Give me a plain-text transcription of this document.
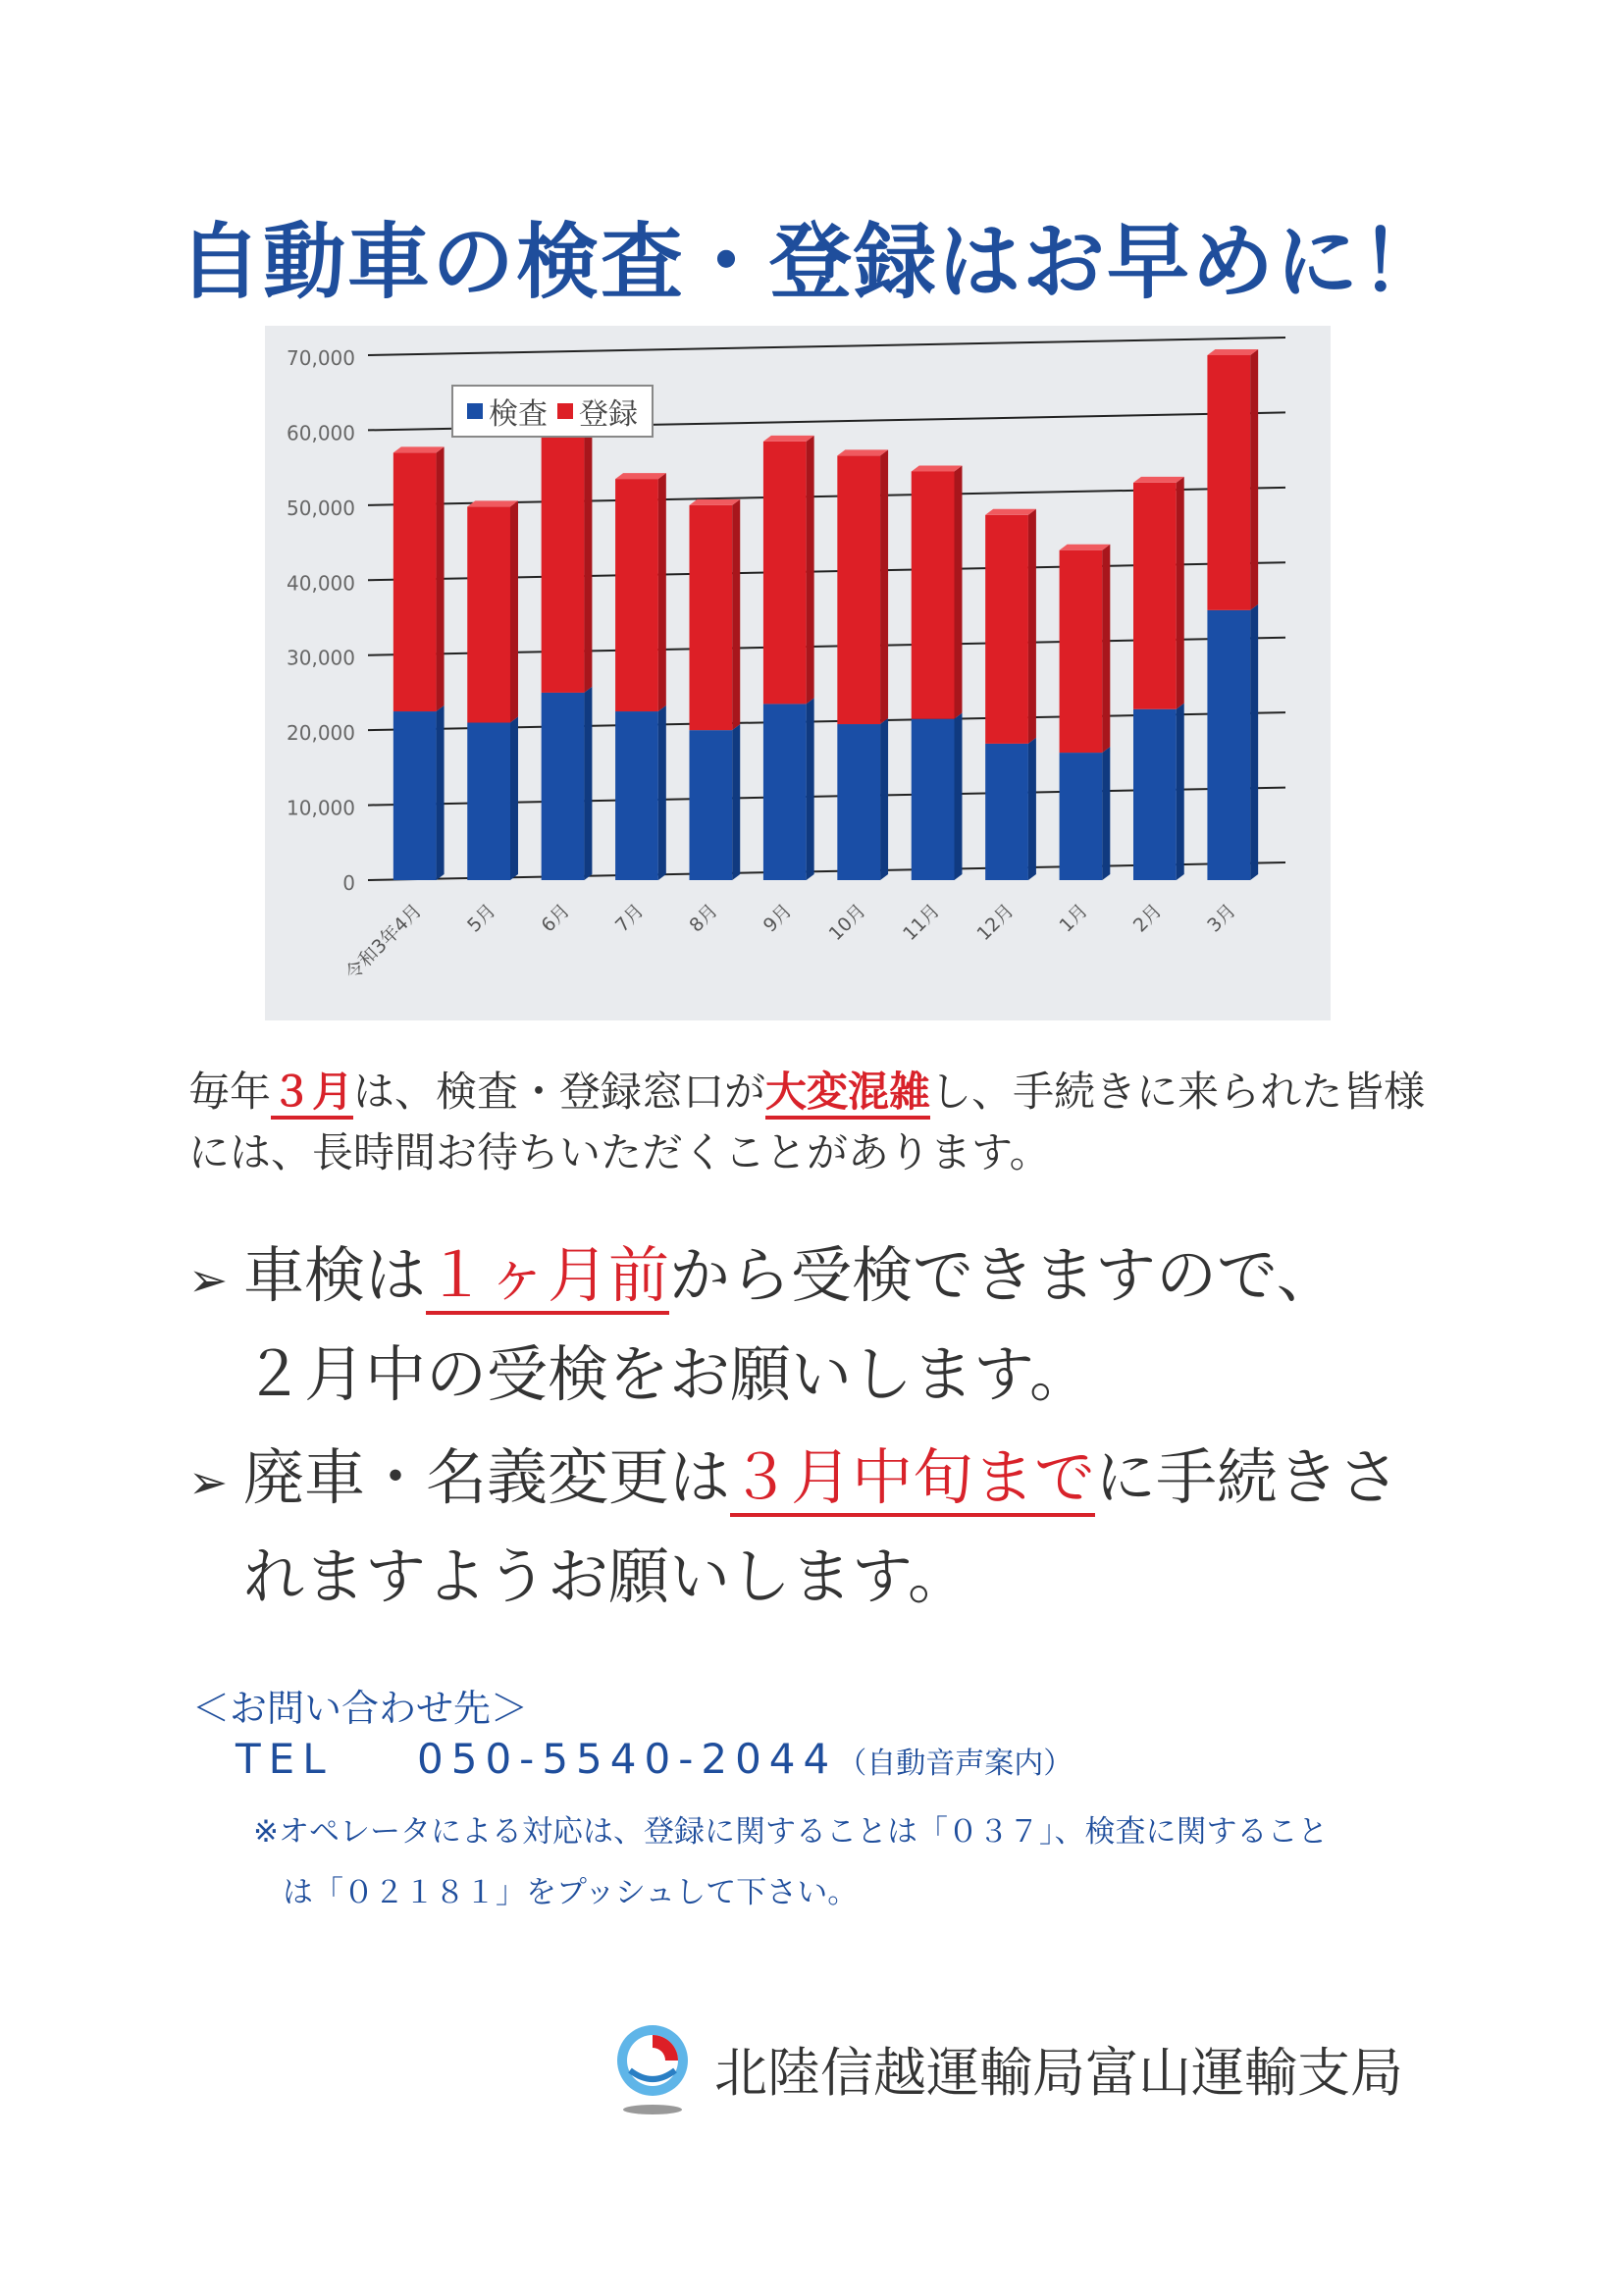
自動車の検査・登録はお早めに！
0
10,000
20,000
30,000
40,000
50,000
60,000
70,000
令和3年4月 5月 6月 7月 8月 9月 10月 11月 12月 1月 2月 3月
検査 登録
毎年３月は、検査・登録窓口が大変混雑し、手続きに来られた皆様には、長時間お待ちいただくことがあります。
➢ 車検は１ヶ月前から受検できますので、
２月中の受検をお願いします。
➢ 廃車・名義変更は３月中旬までに手続きさ
れますようお願いします。
＜お問い合わせ先＞
TEL 050-5540-2044（自動音声案内）
※オペレータによる対応は、登録に関することは「０３７」、検査に関すること
は「０２１８１」をプッシュして下さい。
北陸信越運輸局富山運輸支局
